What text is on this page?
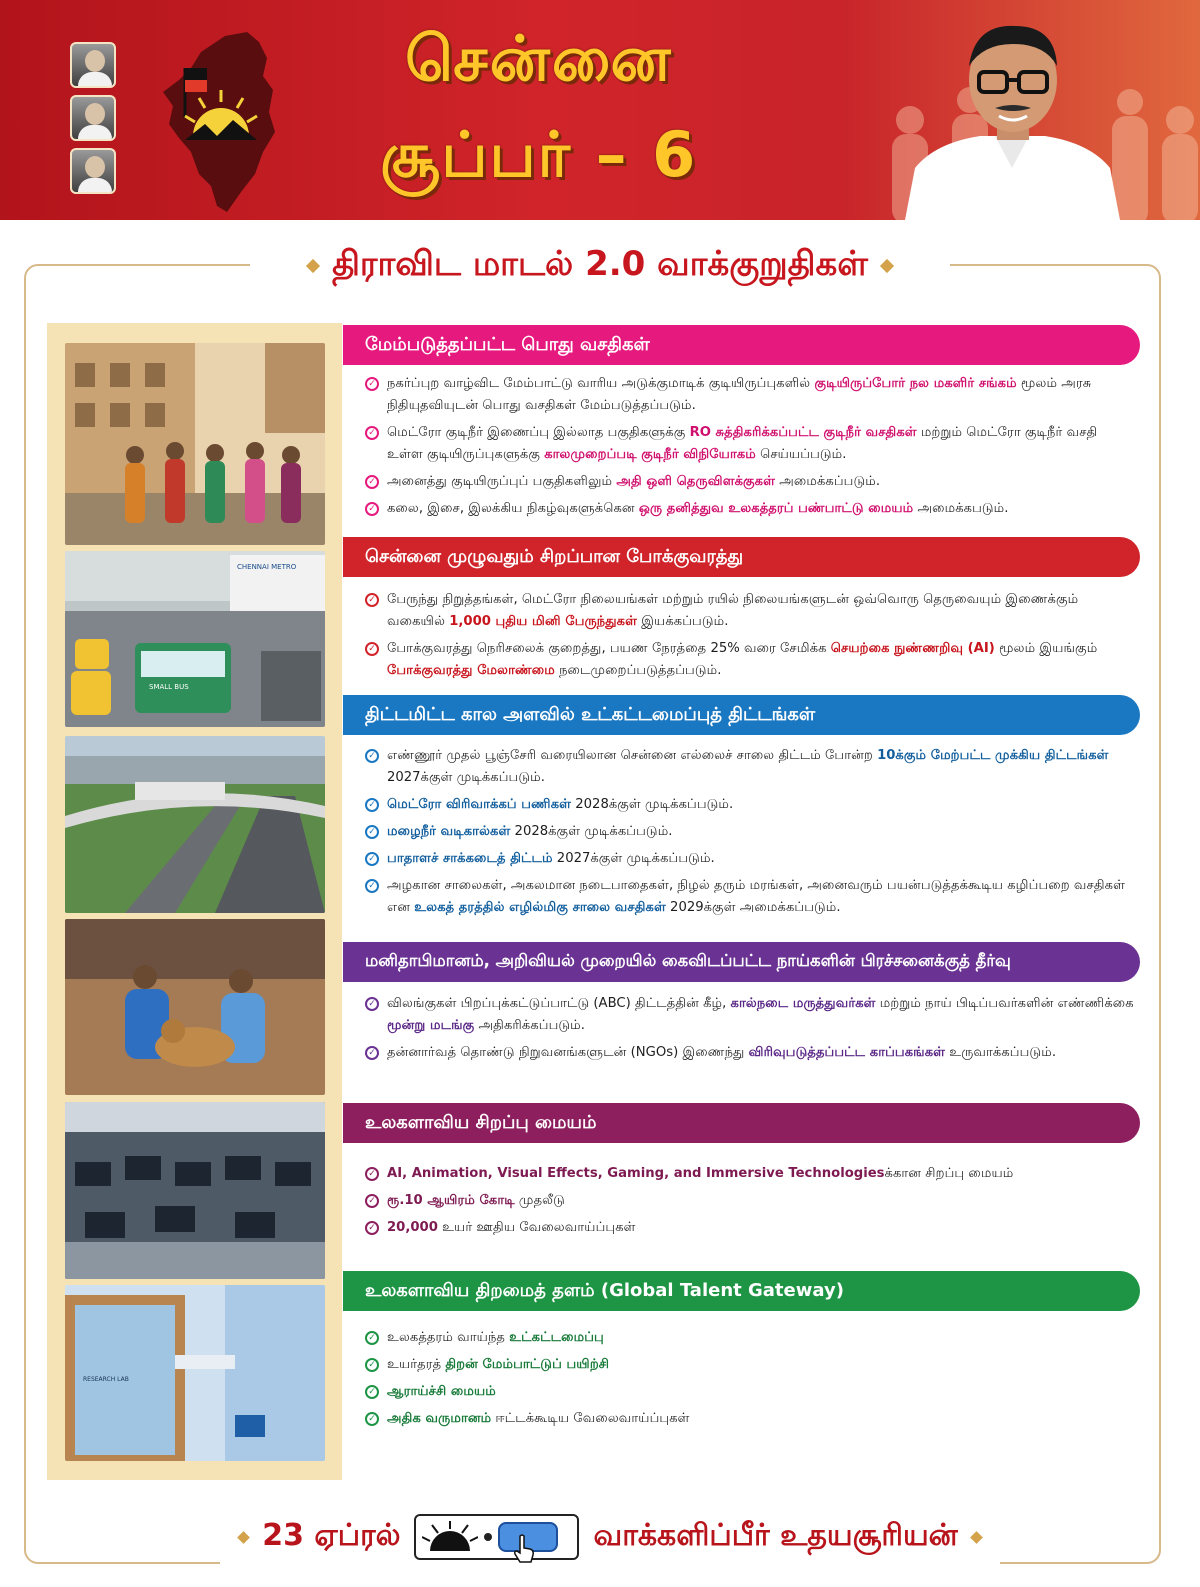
சென்னை
சூப்பர் – 6
திராவிட மாடல் 2.0 வாக்குறுதிகள்
CHENNAI METRO
SMALL BUS
RESEARCH LAB
மேம்படுத்தப்பட்ட பொது வசதிகள்
சென்னை முழுவதும் சிறப்பான போக்குவரத்து
திட்டமிட்ட கால அளவில் உட்கட்டமைப்புத் திட்டங்கள்
மனிதாபிமானம், அறிவியல் முறையில் கைவிடப்பட்ட நாய்களின் பிரச்சனைக்குத் தீர்வு
உலகளாவிய சிறப்பு மையம்
உலகளாவிய திறமைத் தளம் (Global Talent Gateway)
✓ நகர்ப்புற வாழ்விட மேம்பாட்டு வாரிய அடுக்குமாடிக் குடியிருப்புகளில் குடியிருப்போர் நல மகளிர் சங்கம் மூலம் அரசு நிதியுதவியுடன் பொது வசதிகள் மேம்படுத்தப்படும்.
✓ மெட்ரோ குடிநீர் இணைப்பு இல்லாத பகுதிகளுக்கு RO சுத்திகரிக்கப்பட்ட குடிநீர் வசதிகள் மற்றும் மெட்ரோ குடிநீர் வசதி உள்ள குடியிருப்புகளுக்கு காலமுறைப்படி குடிநீர் விநியோகம் செய்யப்படும்.
✓ அனைத்து குடியிருப்புப் பகுதிகளிலும் அதி ஒளி தெருவிளக்குகள் அமைக்கப்படும்.
✓ கலை, இசை, இலக்கிய நிகழ்வுகளுக்கென ஒரு தனித்துவ உலகத்தரப் பண்பாட்டு மையம் அமைக்கபடும்.
✓ பேருந்து நிறுத்தங்கள், மெட்ரோ நிலையங்கள் மற்றும் ரயில் நிலையங்களுடன் ஒவ்வொரு தெருவையும் இணைக்கும் வகையில் 1,000 புதிய மினி பேருந்துகள் இயக்கப்படும்.
✓ போக்குவரத்து நெரிசலைக் குறைத்து, பயண நேரத்தை 25% வரை சேமிக்க செயற்கை நுண்ணறிவு (AI) மூலம் இயங்கும் போக்குவரத்து மேலாண்மை நடைமுறைப்படுத்தப்படும்.
✓ எண்ணூர் முதல் பூஞ்சேரி வரையிலான சென்னை எல்லைச் சாலை திட்டம் போன்ற 10க்கும் மேற்பட்ட முக்கிய திட்டங்கள் 2027க்குள் முடிக்கப்படும்.
✓ மெட்ரோ விரிவாக்கப் பணிகள் 2028க்குள் முடிக்கப்படும்.
✓ மழைநீர் வடிகால்கள் 2028க்குள் முடிக்கப்படும்.
✓ பாதாளச் சாக்கடைத் திட்டம் 2027க்குள் முடிக்கப்படும்.
✓ அழகான சாலைகள், அகலமான நடைபாதைகள், நிழல் தரும் மரங்கள், அனைவரும் பயன்படுத்தக்கூடிய கழிப்பறை வசதிகள் என உலகத் தரத்தில் எழில்மிகு சாலை வசதிகள் 2029க்குள் அமைக்கப்படும்.
✓ விலங்குகள் பிறப்புக்கட்டுப்பாட்டு (ABC) திட்டத்தின் கீழ், கால்நடை மருத்துவர்கள் மற்றும் நாய் பிடிப்பவர்களின் எண்ணிக்கை மூன்று மடங்கு அதிகரிக்கப்படும்.
✓ தன்னார்வத் தொண்டு நிறுவனங்களுடன் (NGOs) இணைந்து விரிவுபடுத்தப்பட்ட காப்பகங்கள் உருவாக்கப்படும்.
✓ AI, Animation, Visual Effects, Gaming, and Immersive Technologiesக்கான சிறப்பு மையம்
✓ ரூ.10 ஆயிரம் கோடி முதலீடு
✓ 20,000 உயர் ஊதிய வேலைவாய்ப்புகள்
✓ உலகத்தரம் வாய்ந்த உட்கட்டமைப்பு
✓ உயர்தரத் திறன் மேம்பாட்டுப் பயிற்சி
✓ ஆராய்ச்சி மையம்
✓ அதிக வருமானம் ஈட்டக்கூடிய வேலைவாய்ப்புகள்
23 ஏப்ரல்	வாக்களிப்பீர் உதயசூரியன்
